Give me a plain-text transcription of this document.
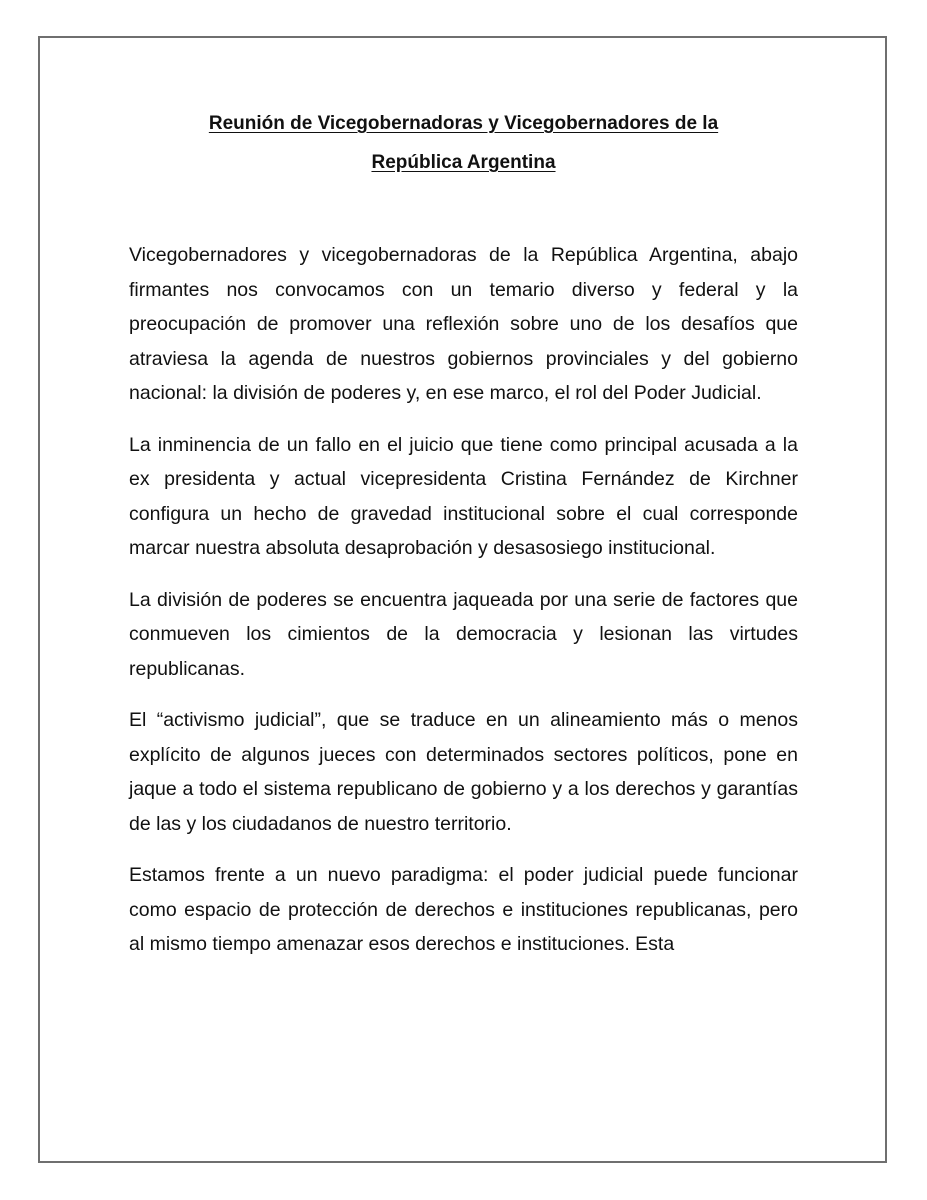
Reunión de Vicegobernadoras y Vicegobernadores de la
República Argentina

Vicegobernadores y vicegobernadoras de la República Argentina, abajo firmantes nos convocamos con un temario diverso y federal y la preocupación de promover una reflexión sobre uno de los desafíos que atraviesa la agenda de nuestros gobiernos provinciales y del gobierno nacional: la división de poderes y, en ese marco, el rol del Poder Judicial.

La inminencia de un fallo en el juicio que tiene como principal acusada a la ex presidenta y actual vicepresidenta Cristina Fernández de Kirchner configura un hecho de gravedad institucional sobre el cual corresponde marcar nuestra absoluta desaprobación y desasosiego institucional.

La división de poderes se encuentra jaqueada por una serie de factores que conmueven los cimientos de la democracia y lesionan las virtudes republicanas.

El “activismo judicial”, que se traduce en un alineamiento más o menos explícito de algunos jueces con determinados sectores políticos, pone en jaque a todo el sistema republicano de gobierno y a los derechos y garantías de las y los ciudadanos de nuestro territorio.

Estamos frente a un nuevo paradigma: el poder judicial puede funcionar como espacio de protección de derechos e instituciones republicanas, pero al mismo tiempo amenazar esos derechos e instituciones. Esta
